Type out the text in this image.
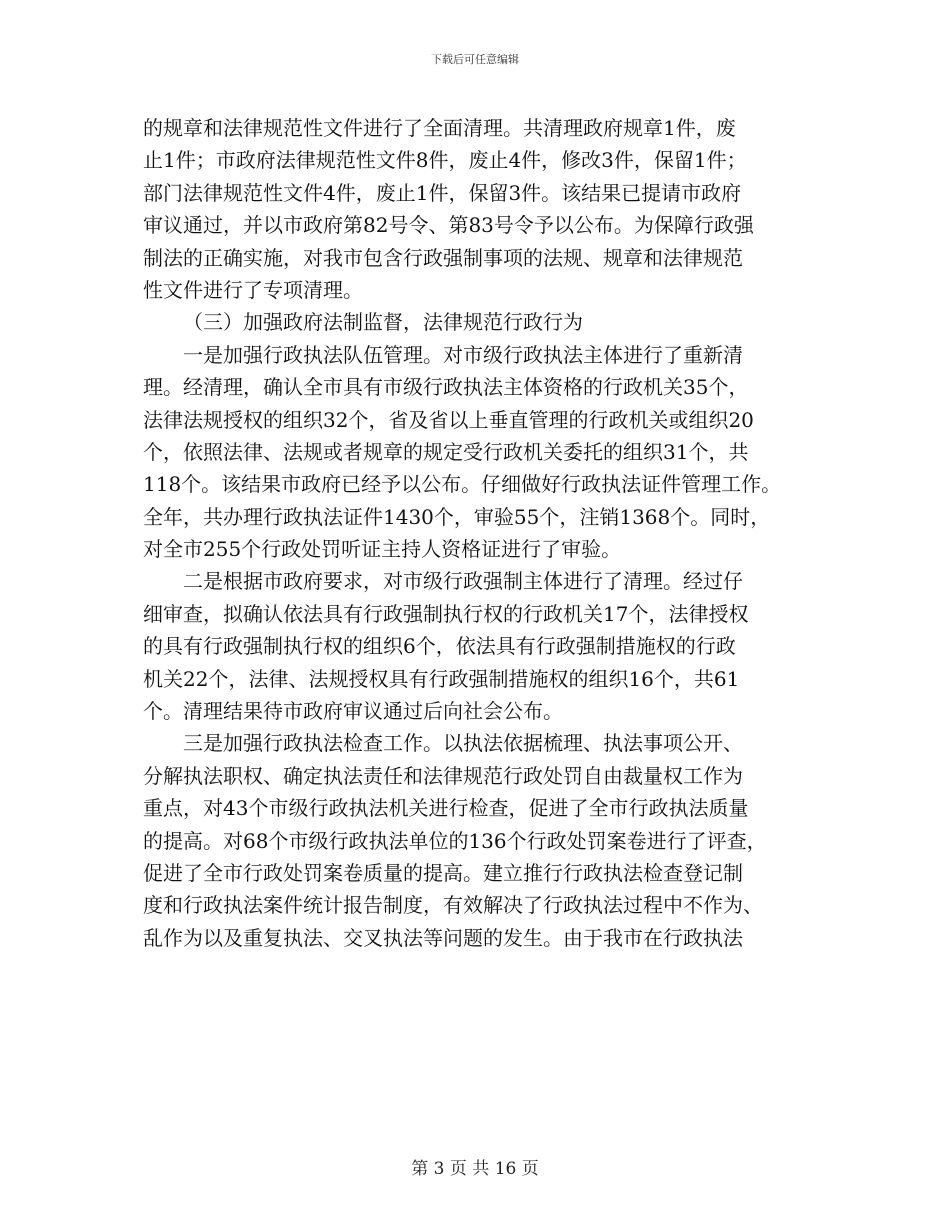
下载后可任意编辑
的规章和法律规范性文件进行了全面清理。共清理政府规章1件，废
止1件；市政府法律规范性文件8件，废止4件，修改3件，保留1件；
部门法律规范性文件4件，废止1件，保留3件。该结果已提请市政府
审议通过，并以市政府第82号令、第83号令予以公布。为保障行政强
制法的正确实施，对我市包含行政强制事项的法规、规章和法律规范
性文件进行了专项清理。
（三）加强政府法制监督，法律规范行政行为
一是加强行政执法队伍管理。对市级行政执法主体进行了重新清
理。经清理，确认全市具有市级行政执法主体资格的行政机关35个，
法律法规授权的组织32个，省及省以上垂直管理的行政机关或组织20
个，依照法律、法规或者规章的规定受行政机关委托的组织31个，共
118个。该结果市政府已经予以公布。仔细做好行政执法证件管理工作。
全年，共办理行政执法证件1430个，审验55个，注销1368个。同时，
对全市255个行政处罚听证主持人资格证进行了审验。
二是根据市政府要求，对市级行政强制主体进行了清理。经过仔
细审查，拟确认依法具有行政强制执行权的行政机关17个，法律授权
的具有行政强制执行权的组织6个，依法具有行政强制措施权的行政
机关22个，法律、法规授权具有行政强制措施权的组织16个，共61
个。清理结果待市政府审议通过后向社会公布。
三是加强行政执法检查工作。以执法依据梳理、执法事项公开、
分解执法职权、确定执法责任和法律规范行政处罚自由裁量权工作为
重点，对43个市级行政执法机关进行检查，促进了全市行政执法质量
的提高。对68个市级行政执法单位的136个行政处罚案卷进行了评查，
促进了全市行政处罚案卷质量的提高。建立推行行政执法检查登记制
度和行政执法案件统计报告制度，有效解决了行政执法过程中不作为、
乱作为以及重复执法、交叉执法等问题的发生。由于我市在行政执法
第 3 页 共 16 页
